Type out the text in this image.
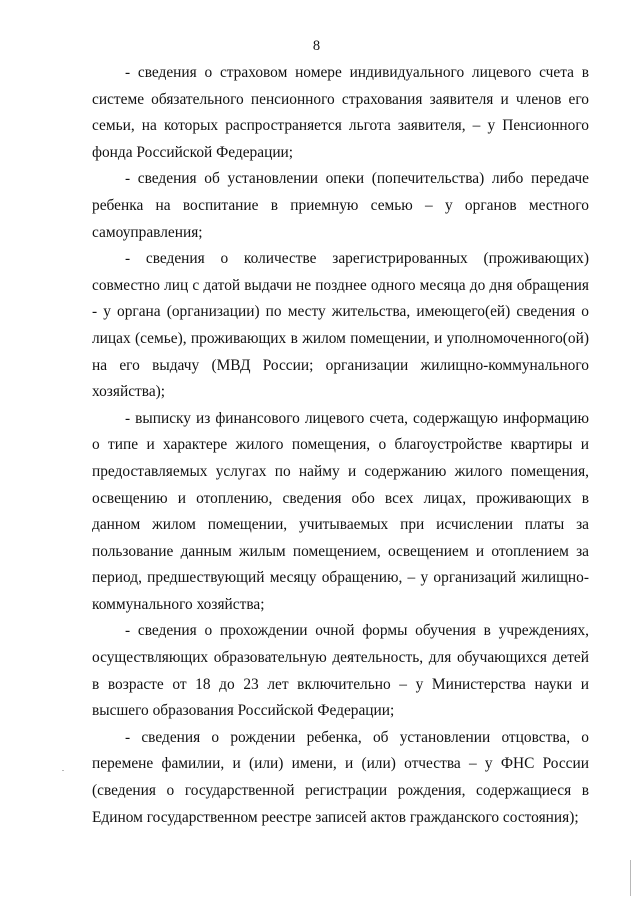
8

- сведения о страховом номере индивидуального лицевого счета в системе обязательного пенсионного страхования заявителя и членов его семьи, на которых распространяется льгота заявителя, – у Пенсионного фонда Российской Федерации;

- сведения об установлении опеки (попечительства) либо передаче ребенка на воспитание в приемную семью – у органов местного самоуправления;

- сведения о количестве зарегистрированных (проживающих) совместно лиц с датой выдачи не позднее одного месяца до дня обращения - у органа (организации) по месту жительства, имеющего(ей) сведения о лицах (семье), проживающих в жилом помещении, и уполномоченного(ой) на его выдачу (МВД России; организации жилищно-коммунального хозяйства);

- выписку из финансового лицевого счета, содержащую информацию о типе и характере жилого помещения, о благоустройстве квартиры и предоставляемых услугах по найму и содержанию жилого помещения, освещению и отоплению, сведения обо всех лицах, проживающих в данном жилом помещении, учитываемых при исчислении платы за пользование данным жилым помещением, освещением и отоплением за период, предшествующий месяцу обращению, – у организаций жилищно-коммунального хозяйства;

- сведения о прохождении очной формы обучения в учреждениях, осуществляющих образовательную деятельность, для обучающихся детей в возрасте от 18 до 23 лет включительно – у Министерства науки и высшего образования Российской Федерации;

- сведения о рождении ребенка, об установлении отцовства, о перемене фамилии, и (или) имени, и (или) отчества – у ФНС России (сведения о государственной регистрации рождения, содержащиеся в Едином государственном реестре записей актов гражданского состояния);
